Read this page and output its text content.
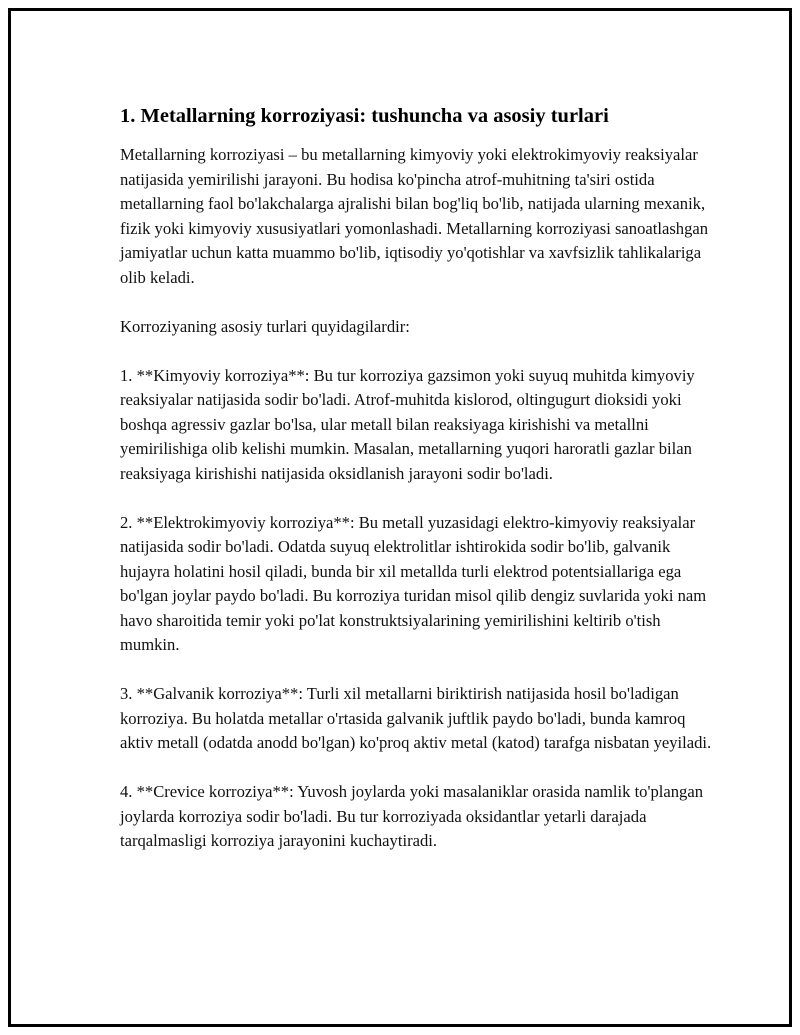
1. Metallarning korroziyasi: tushuncha va asosiy turlari

Metallarning korroziyasi – bu metallarning kimyoviy yoki elektrokimyoviy reaksiyalar natijasida yemirilishi jarayoni. Bu hodisa ko'pincha atrof-muhitning ta'siri ostida metallarning faol bo'lakchalarga ajralishi bilan bog'liq bo'lib, natijada ularning mexanik, fizik yoki kimyoviy xususiyatlari yomonlashadi. Metallarning korroziyasi sanoatlashgan jamiyatlar uchun katta muammo bo'lib, iqtisodiy yo'qotishlar va xavfsizlik tahlikalariga olib keladi.

Korroziyaning asosiy turlari quyidagilardir:

1. **Kimyoviy korroziya**: Bu tur korroziya gazsimon yoki suyuq muhitda kimyoviy reaksiyalar natijasida sodir bo'ladi. Atrof-muhitda kislorod, oltingugurt dioksidi yoki boshqa agressiv gazlar bo'lsa, ular metall bilan reaksiyaga kirishishi va metallni yemirilishiga olib kelishi mumkin. Masalan, metallarning yuqori haroratli gazlar bilan reaksiyaga kirishishi natijasida oksidlanish jarayoni sodir bo'ladi.

2. **Elektrokimyoviy korroziya**: Bu metall yuzasidagi elektro-kimyoviy reaksiyalar natijasida sodir bo'ladi. Odatda suyuq elektrolitlar ishtirokida sodir bo'lib, galvanik hujayra holatini hosil qiladi, bunda bir xil metallda turli elektrod potentsiallariga ega bo'lgan joylar paydo bo'ladi. Bu korroziya turidan misol qilib dengiz suvlarida yoki nam havo sharoitida temir yoki po'lat konstruktsiyalarining yemirilishini keltirib o'tish mumkin.

3. **Galvanik korroziya**: Turli xil metallarni biriktirish natijasida hosil bo'ladigan korroziya. Bu holatda metallar o'rtasida galvanik juftlik paydo bo'ladi, bunda kamroq aktiv metall (odatda anodd bo'lgan) ko'proq aktiv metal (katod) tarafga nisbatan yeyiladi.

4. **Crevice korroziya**: Yuvosh joylarda yoki masalaniklar orasida namlik to'plangan joylarda korroziya sodir bo'ladi. Bu tur korroziyada oksidantlar yetarli darajada tarqalmasligi korroziya jarayonini kuchaytiradi.
